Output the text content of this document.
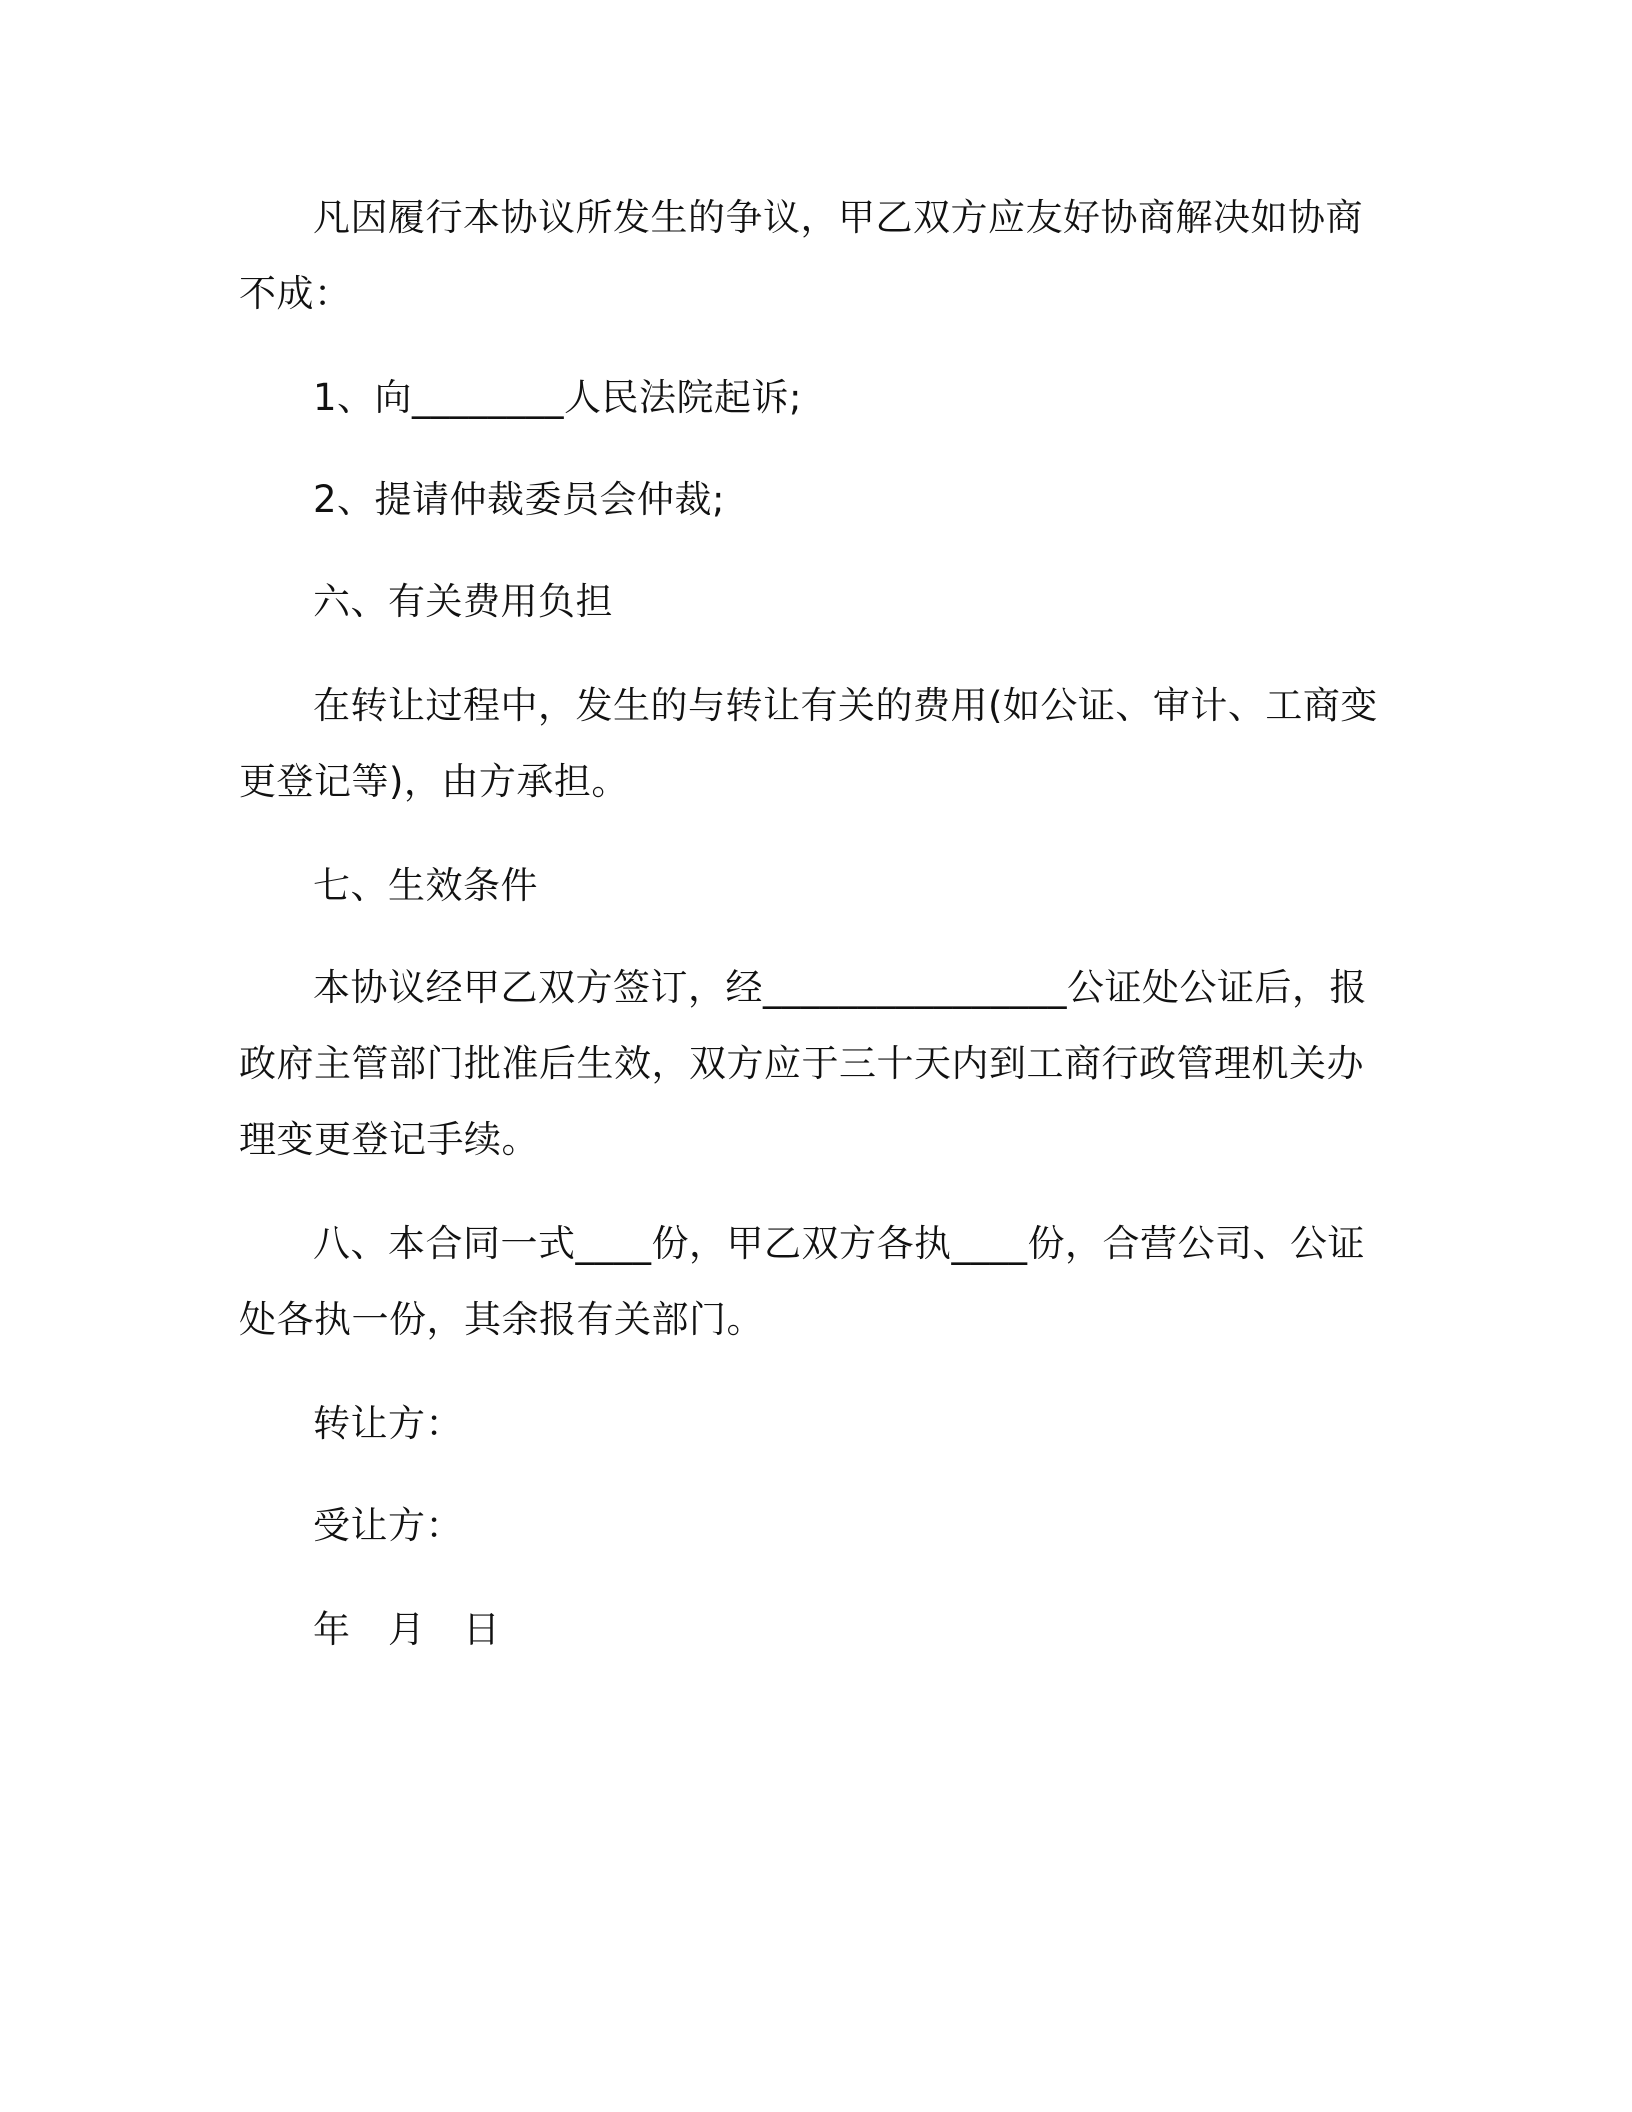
凡因履行本协议所发生的争议，甲乙双方应友好协商解决如协商
不成：
1、向________人民法院起诉;
2、提请仲裁委员会仲裁;
六、有关费用负担
在转让过程中，发生的与转让有关的费用(如公证、审计、工商变
更登记等)，由方承担。
七、生效条件
本协议经甲乙双方签订，经________________公证处公证后，报
政府主管部门批准后生效，双方应于三十天内到工商行政管理机关办
理变更登记手续。
八、本合同一式____份，甲乙双方各执____份，合营公司、公证
处各执一份，其余报有关部门。
转让方：
受让方：
年　月　日
